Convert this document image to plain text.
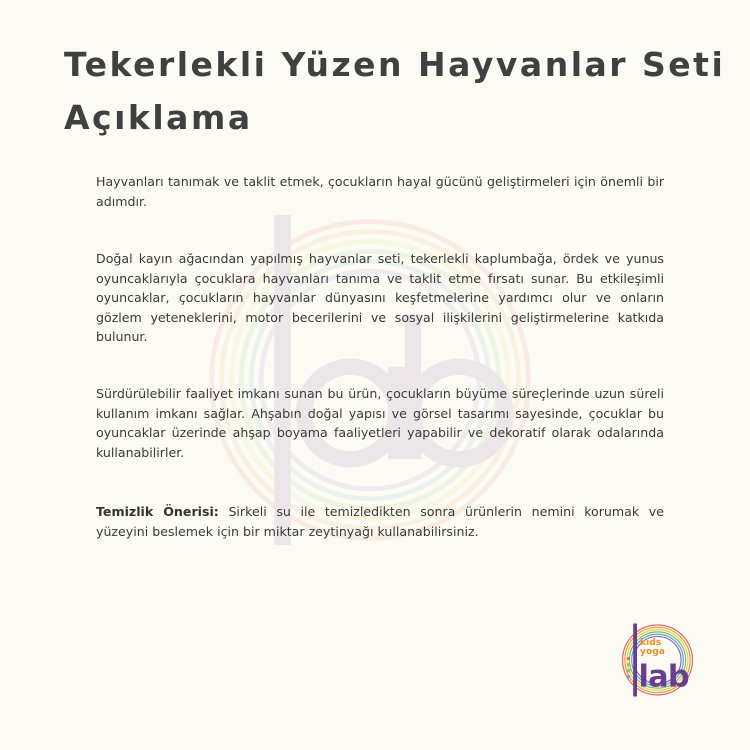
Tekerlekli Yüzen Hayvanlar Seti
Açıklama

Hayvanları tanımak ve taklit etmek, çocukların hayal gücünü geliştirmeleri için önemli bir adımdır.

Doğal kayın ağacından yapılmış hayvanlar seti, tekerlekli kaplumbağa, ördek ve yunus oyuncaklarıyla çocuklara hayvanları tanıma ve taklit etme fırsatı sunar. Bu etkileşimli oyuncaklar, çocukların hayvanlar dünyasını keşfetmelerine yardımcı olur ve onların gözlem yeteneklerini, motor becerilerini ve sosyal ilişkilerini geliştirmelerine katkıda bulunur.

Sürdürülebilir faaliyet imkanı sunan bu ürün, çocukların büyüme süreçlerinde uzun süreli kullanım imkanı sağlar. Ahşabın doğal yapısı ve görsel tasarımı sayesinde, çocuklar bu oyuncaklar üzerinde ahşap boyama faaliyetleri yapabilir ve dekoratif olarak odalarında kullanabilirler.

Temizlik Önerisi: Sirkeli su ile temizledikten sonra ürünlerin nemini korumak ve yüzeyini beslemek için bir miktar zeytinyağı kullanabilirsiniz.

kids
yoga
lab
